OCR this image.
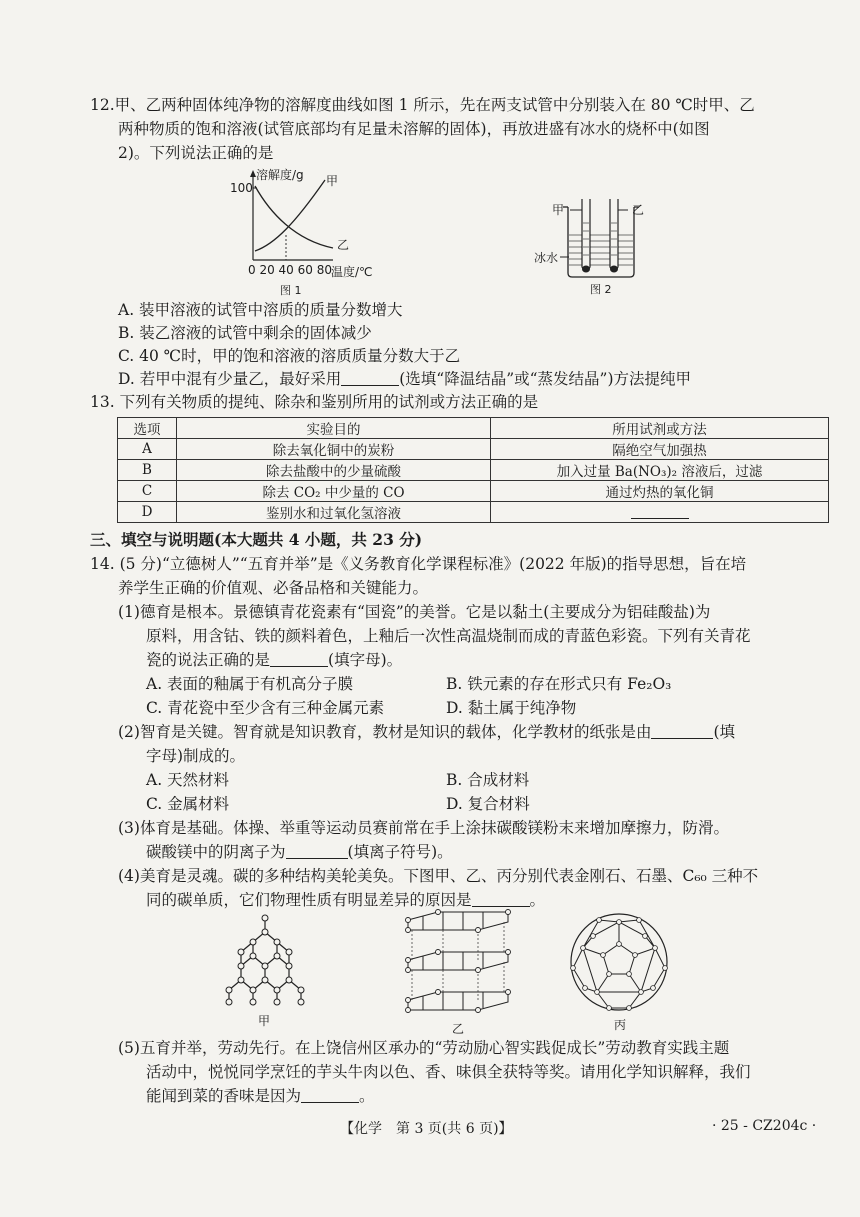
12.甲、乙两种固体纯净物的溶解度曲线如图 1 所示，先在两支试管中分别装入在 80 ℃时甲、乙
两种物质的饱和溶液(试管底部均有足量未溶解的固体)，再放进盛有冰水的烧杯中(如图
2)。下列说法正确的是
溶解度/g
100	甲
乙
0 20 40 60 80 温度/℃
图 1
甲	乙
冰水
图 2
A. 装甲溶液的试管中溶质的质量分数增大
B. 装乙溶液的试管中剩余的固体减少
C. 40 ℃时，甲的饱和溶液的溶质质量分数大于乙
D. 若甲中混有少量乙，最好采用	(选填“降温结晶”或“蒸发结晶”)方法提纯甲
13. 下列有关物质的提纯、除杂和鉴别所用的试剂或方法正确的是
选项	实验目的	所用试剂或方法
A	除去氧化铜中的炭粉	隔绝空气加强热
B	除去盐酸中的少量硫酸	加入过量 Ba(NO₃)₂ 溶液后，过滤
C	除去 CO₂ 中少量的 CO	通过灼热的氧化铜
D	鉴别水和过氧化氢溶液	
三、填空与说明题(本大题共 4 小题，共 23 分)
14. (5 分)“立德树人”“五育并举”是《义务教育化学课程标准》(2022 年版)的指导思想，旨在培
养学生正确的价值观、必备品格和关键能力。
(1)德育是根本。景德镇青花瓷素有“国瓷”的美誉。它是以黏土(主要成分为铝硅酸盐)为
原料，用含钴、铁的颜料着色，上釉后一次性高温烧制而成的青蓝色彩瓷。下列有关青花
瓷的说法正确的是	(填字母)。
A. 表面的釉属于有机高分子膜	B. 铁元素的存在形式只有 Fe₂O₃
C. 青花瓷中至少含有三种金属元素	D. 黏土属于纯净物
(2)智育是关键。智育就是知识教育，教材是知识的载体，化学教材的纸张是由	(填
字母)制成的。
A. 天然材料	B. 合成材料
C. 金属材料	D. 复合材料
(3)体育是基础。体操、举重等运动员赛前常在手上涂抹碳酸镁粉末来增加摩擦力，防滑。
碳酸镁中的阴离子为	(填离子符号)。
(4)美育是灵魂。碳的多种结构美轮美奂。下图甲、乙、丙分别代表金刚石、石墨、C₆₀ 三种不
同的碳单质，它们物理性质有明显差异的原因是	。
甲
乙	丙
(5)五育并举，劳动先行。在上饶信州区承办的“劳动励心智实践促成长”劳动教育实践主题
活动中，悦悦同学烹饪的芋头牛肉以色、香、味俱全获特等奖。请用化学知识解释，我们
能闻到菜的香味是因为	。
【化学　第 3 页(共 6 页)】	· 25 - CZ204c ·
